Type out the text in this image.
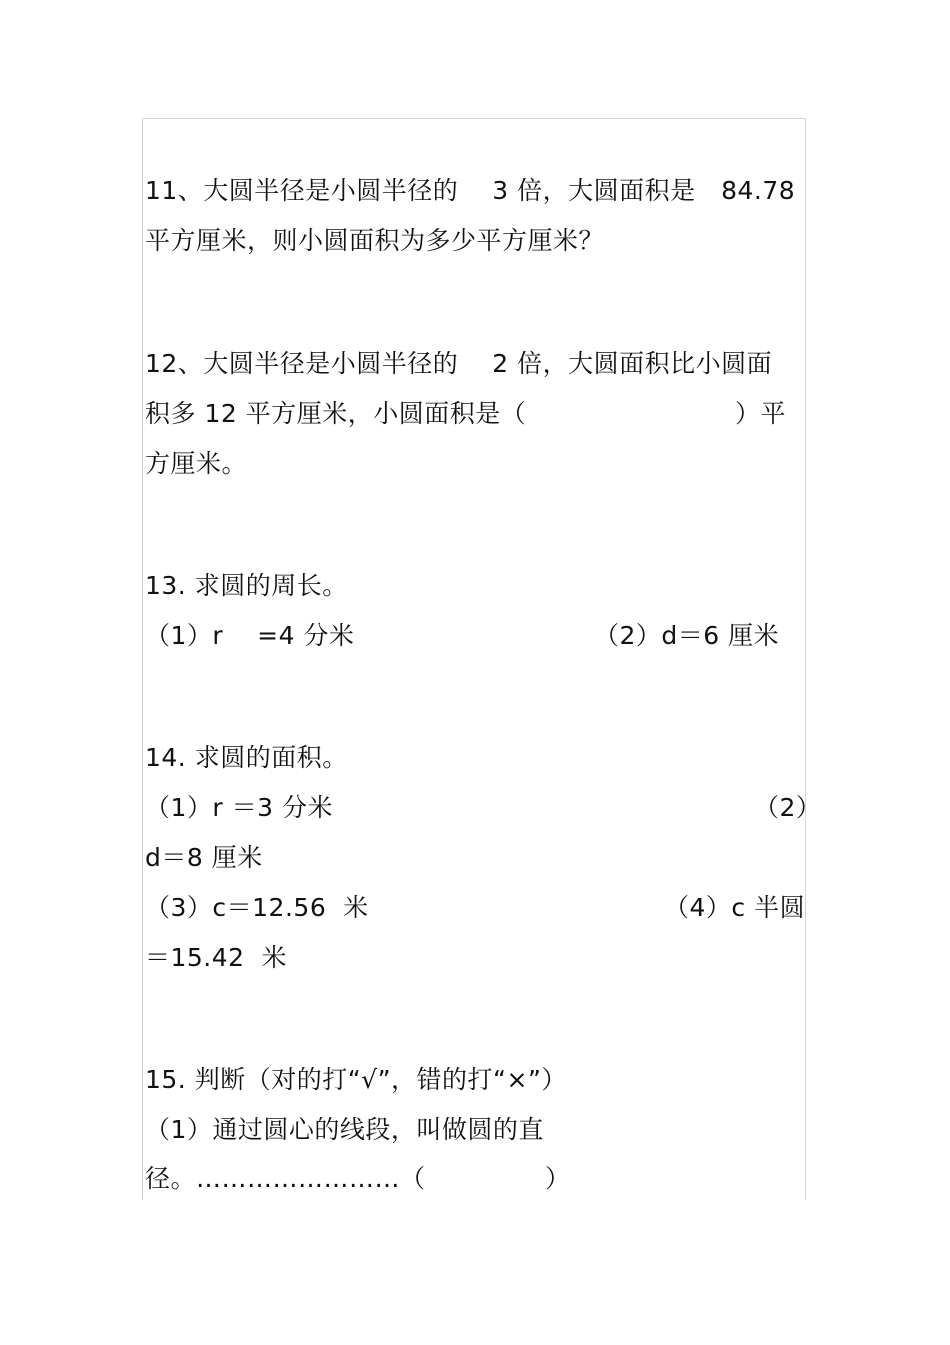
11、大圆半径是小圆半径的　 3 倍，大圆面积是　84.78
平方厘米，则小圆面积为多少平方厘米？
12、大圆半径是小圆半径的　 2 倍，大圆面积比小圆面
积多 12 平方厘米，小圆面积是（	）平
方厘米。
13. 求圆的周长。
（1）r　 =4 分米	（2）d＝6 厘米
14. 求圆的面积。
（1）r ＝3 分米	（2）
d＝8 厘米
（3）c＝12.56  米	（4）c 半圆
＝15.42  米
15. 判断（对的打“√”，错的打“×”）
（1）通过圆心的线段，叫做圆的直
径。……………………（	）
